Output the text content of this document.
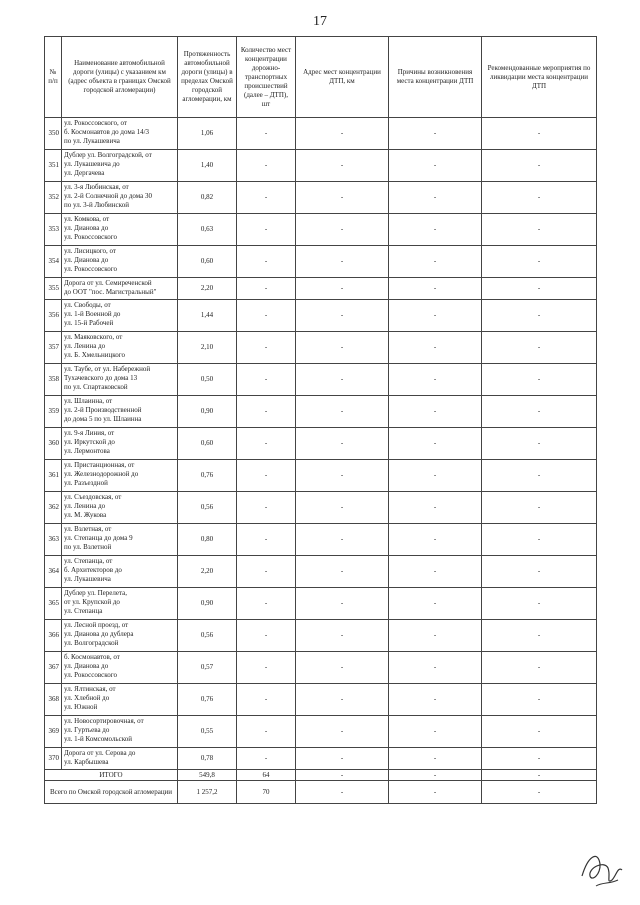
17
№ п/п	Наименование автомобильной дороги (улицы) с указанием км (адрес объекта в границах Омской городской агломерации)	Протяженность автомобильной дороги (улицы) в пределах Омской городской агломерации, км	Количество мест концентрации дорожно-транспортных происшествий (далее – ДТП), шт	Адрес мест концентрации ДТП, км	Причины возникновения места концентрации ДТП	Рекомендованные мероприятия по ликвидации места концентрации ДТП
350	ул. Рокоссовского, от
б. Космонавтов до дома 14/3
по ул. Лукашевича	1,06	-	-	-	-
351	Дублер ул. Волгоградской, от
ул. Лукашевича до
ул. Дергачева	1,40	-	-	-	-
352	ул. 3-я Любинская, от
ул. 2-й Солнечной до дома 30
по ул. 3-й Любинской	0,82	-	-	-	-
353	ул. Комкова, от
ул. Дианова до
ул. Рокоссовского	0,63	-	-	-	-
354	ул. Лисицкого, от
ул. Дианова до
ул. Рокоссовского	0,60	-	-	-	-
355	Дорога от ул. Семиреченской
до ООТ "пос. Магистральный"	2,20	-	-	-	-
356	ул. Свободы, от
ул. 1-й Военной до
ул. 15-й Рабочей	1,44	-	-	-	-
357	ул. Маяковского, от
ул. Ленина до
ул. Б. Хмельницкого	2,10	-	-	-	-
358	ул. Таубе, от ул. Набережной
Тухачевского до дома 13
по ул. Спартаковской	0,50	-	-	-	-
359	ул. Шлаинна, от
ул. 2-й Производственной
до дома 5 по ул. Шлаинна	0,90	-	-	-	-
360	ул. 9-я Линия, от
ул. Иркутской до
ул. Лермонтова	0,60	-	-	-	-
361	ул. Пристанционная, от
ул. Железнодорожной до
ул. Разъездной	0,76	-	-	-	-
362	ул. Съездовская, от
ул. Ленина до
ул. М. Жукова	0,56	-	-	-	-
363	ул. Взлетная, от
ул. Степанца до дома 9
по ул. Взлетной	0,80	-	-	-	-
364	ул. Степанца, от
б. Архитекторов до
ул. Лукашевича	2,20	-	-	-	-
365	Дублер ул. Перелета,
от ул. Крупской до
ул. Степанца	0,90	-	-	-	-
366	ул. Лесной проезд, от
ул. Дианова до дублера
ул. Волгоградской	0,56	-	-	-	-
367	б. Космонавтов, от
ул. Дианова до
ул. Рокоссовского	0,57	-	-	-	-
368	ул. Ялтинская, от
ул. Хлебной до
ул. Южной	0,76	-	-	-	-
369	ул. Новосортировочная, от
ул. Гуртьева до
ул. 1-й Комсомольской	0,55	-	-	-	-
370	Дорога от ул. Серова до
ул. Карбышева	0,78	-	-	-	-
ИТОГО		549,8	64	-	-	-
Всего по Омской городской агломерации		1 257,2	70	-	-	-
